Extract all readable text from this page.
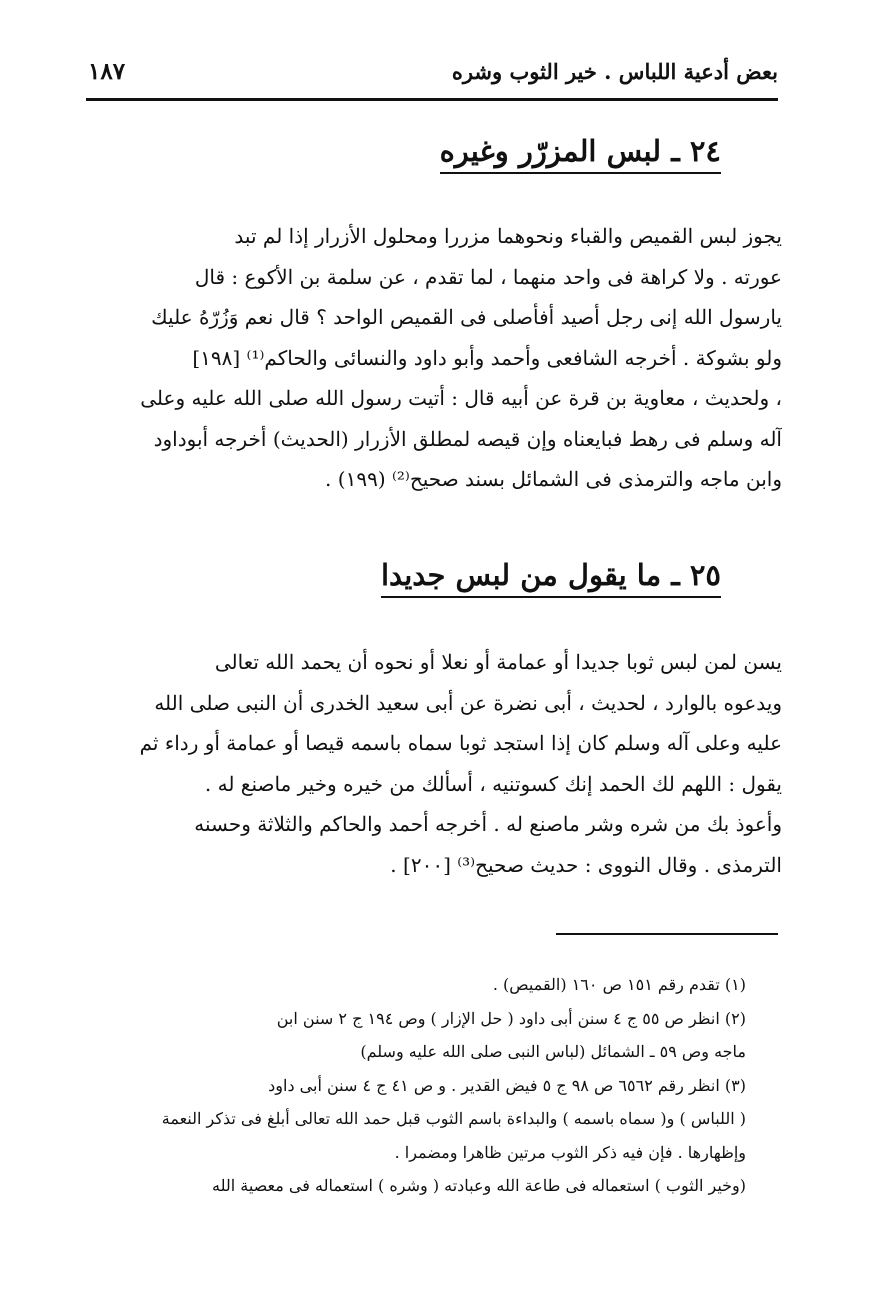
بعض أدعية اللباس . خير الثوب وشره
١٨٧
٢٤ ـ لبس المزرّر وغيره
يجوز لبس القميص والقباء ونحوهما مزررا ومحلول الأزرار إذا لم تبد
عورته . ولا كراهة فى واحد منهما ، لما تقدم ، عن سلمة بن الأكوع : قال
يارسول الله إنى رجل أصيد أفأصلى فى القميص الواحد ؟ قال نعم وَزُرّهُ عليك
ولو بشوكة . أخرجه الشافعى وأحمد وأبو داود والنسائى والحاكم⁽¹⁾ [١٩٨]
، ولحديث ، معاوية بن قرة عن أبيه قال : أتيت رسول الله صلى الله عليه وعلى
آله وسلم فى رهط فبايعناه وإن قيصه لمطلق الأزرار (الحديث) أخرجه أبوداود
وابن ماجه والترمذى فى الشمائل بسند صحيح⁽²⁾ (١٩٩) .
٢٥ ـ ما يقول من لبس جديدا
يسن لمن لبس ثوبا جديدا أو عمامة أو نعلا أو نحوه أن يحمد الله تعالى
ويدعوه بالوارد ، لحديث ، أبى نضرة عن أبى سعيد الخدرى أن النبى صلى الله
عليه وعلى آله وسلم كان إذا استجد ثوبا سماه باسمه قيصا أو عمامة أو رداء ثم
يقول : اللهم لك الحمد إنك كسوتنيه ، أسألك من خيره وخير ماصنع له .
وأعوذ بك من شره وشر ماصنع له . أخرجه أحمد والحاكم والثلاثة وحسنه
الترمذى . وقال النووى : حديث صحيح⁽³⁾ [٢٠٠] .
(١) تقدم رقم ١٥١ ص ١٦٠ (القميص) .
(٢) انظر ص ٥٥ ج ٤ سنن أبى داود ( حل الإزار ) وص ١٩٤ ج ٢ سنن ابن
ماجه وص ٥٩ ـ الشمائل (لباس النبى صلى الله عليه وسلم)
(٣) انظر رقم ٦٥٦٢ ص ٩٨ ج ٥ فيض القدير . و ص ٤١ ج ٤ سنن أبى داود
( اللباس ) و( سماه باسمه ) والبداءة باسم الثوب قبل حمد الله تعالى أبلغ فى تذكر النعمة
وإظهارها . فإن فيه ذكر الثوب مرتين ظاهرا ومضمرا .
(وخير الثوب ) استعماله فى طاعة الله وعبادته ( وشره ) استعماله فى معصية الله
